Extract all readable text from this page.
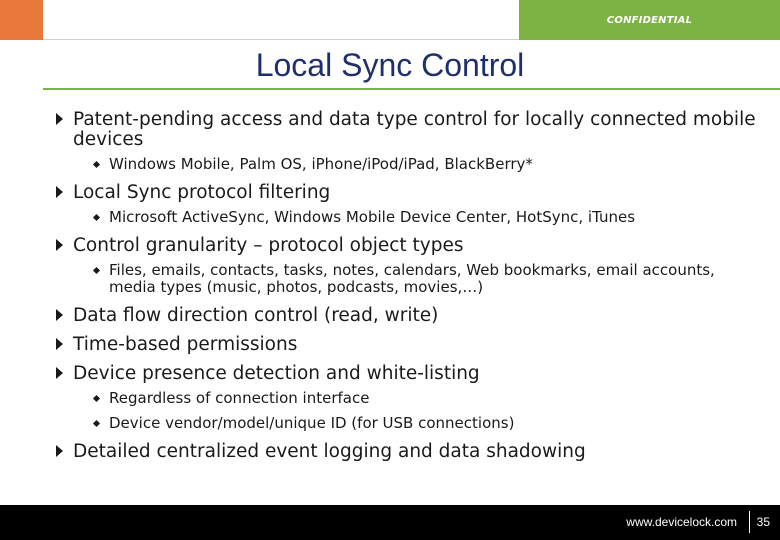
CONFIDENTIAL
Local Sync Control
Patent-pending access and data type control for locally connected mobile devices
Windows Mobile, Palm OS, iPhone/iPod/iPad, BlackBerry*
Local Sync protocol filtering
Microsoft ActiveSync, Windows Mobile Device Center, HotSync, iTunes
Control granularity – protocol object types
Files, emails, contacts, tasks, notes, calendars, Web bookmarks, email accounts, media types (music, photos, podcasts, movies,…)
Data flow direction control (read, write)
Time-based permissions
Device presence detection and white-listing
Regardless of connection interface
Device vendor/model/unique ID (for USB connections)
Detailed centralized event logging and data shadowing
www.devicelock.com 35
